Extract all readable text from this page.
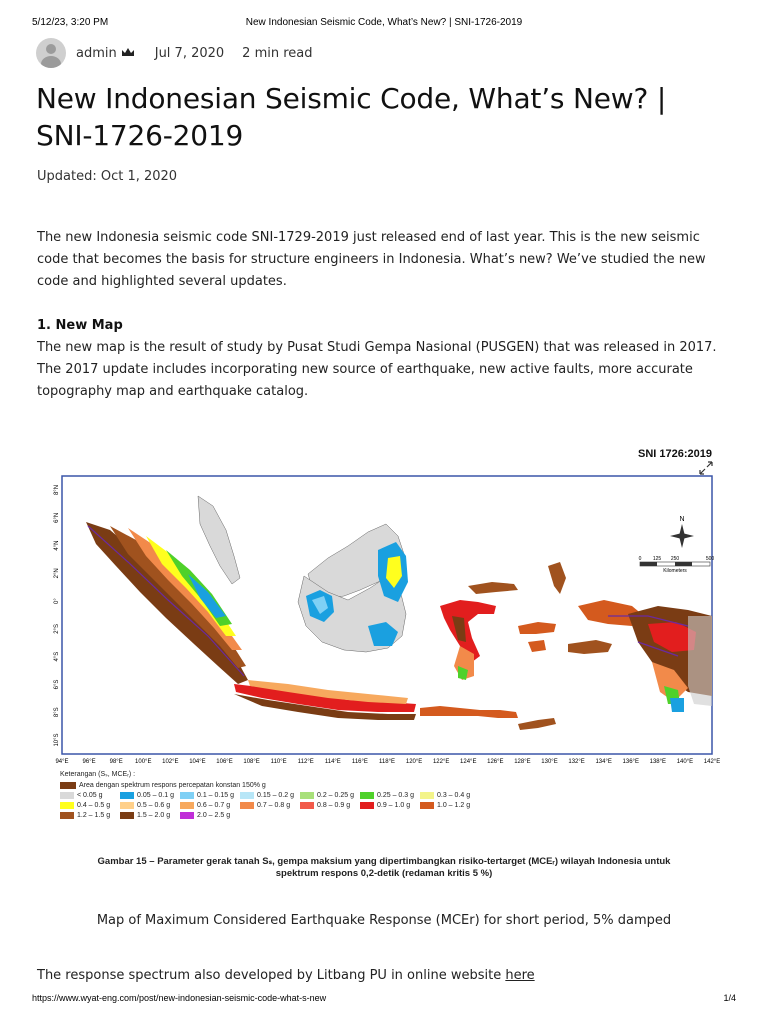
5/12/23, 3:20 PM	New Indonesian Seismic Code, What’s New? | SNI-1726-2019
admin	Jul 7, 2020 2 min read
New Indonesian Seismic Code, What’s New? | SNI-1726-2019
Updated: Oct 1, 2020

The new Indonesia seismic code SNI-1729-2019 just released end of last year. This is the new seismic code that becomes the basis for structure engineers in Indonesia. What’s new? We’ve studied the new code and highlighted several updates.

1. New Map

The new map is the result of study by Pusat Studi Gempa Nasional (PUSGEN) that was released in 2017. The 2017 update includes incorporating new source of earthquake, new active faults, more accurate topography map and earthquake catalog.

SNI 1726:2019
N
0 125 250	500
Kilometers
8°N
6°N
4°N
2°N
0°
2°S
4°S
6°S
8°S
10°S
94°E 96°E 98°E 100°E 102°E 104°E 106°E 108°E 110°E 112°E 114°E 116°E 118°E 120°E 122°E 124°E 126°E 128°E 130°E 132°E 134°E 136°E 138°E 140°E 142°E
Keterangan (Sₛ, MCEᵣ) :
Area dengan spektrum respons percepatan konstan 150% g
< 0.05 g	0.05 – 0.1 g	0.1 – 0.15 g	0.15 – 0.2 g	0.2 – 0.25 g	0.25 – 0.3 g	0.3 – 0.4 g
0.4 – 0.5 g	0.5 – 0.6 g	0.6 – 0.7 g	0.7 – 0.8 g	0.8 – 0.9 g	0.9 – 1.0 g	1.0 – 1.2 g
1.2 – 1.5 g	1.5 – 2.0 g	2.0 – 2.5 g
Gambar 15 – Parameter gerak tanah Sₛ, gempa maksium yang dipertimbangkan risiko-tertarget (MCEᵣ) wilayah Indonesia untuk
spektrum respons 0,2-detik (redaman kritis 5 %)
Map of Maximum Considered Earthquake Response (MCEr) for short period, 5% damped

The response spectrum also developed by Litbang PU in online website here

https://www.wyat-eng.com/post/new-indonesian-seismic-code-what-s-new	1/4
